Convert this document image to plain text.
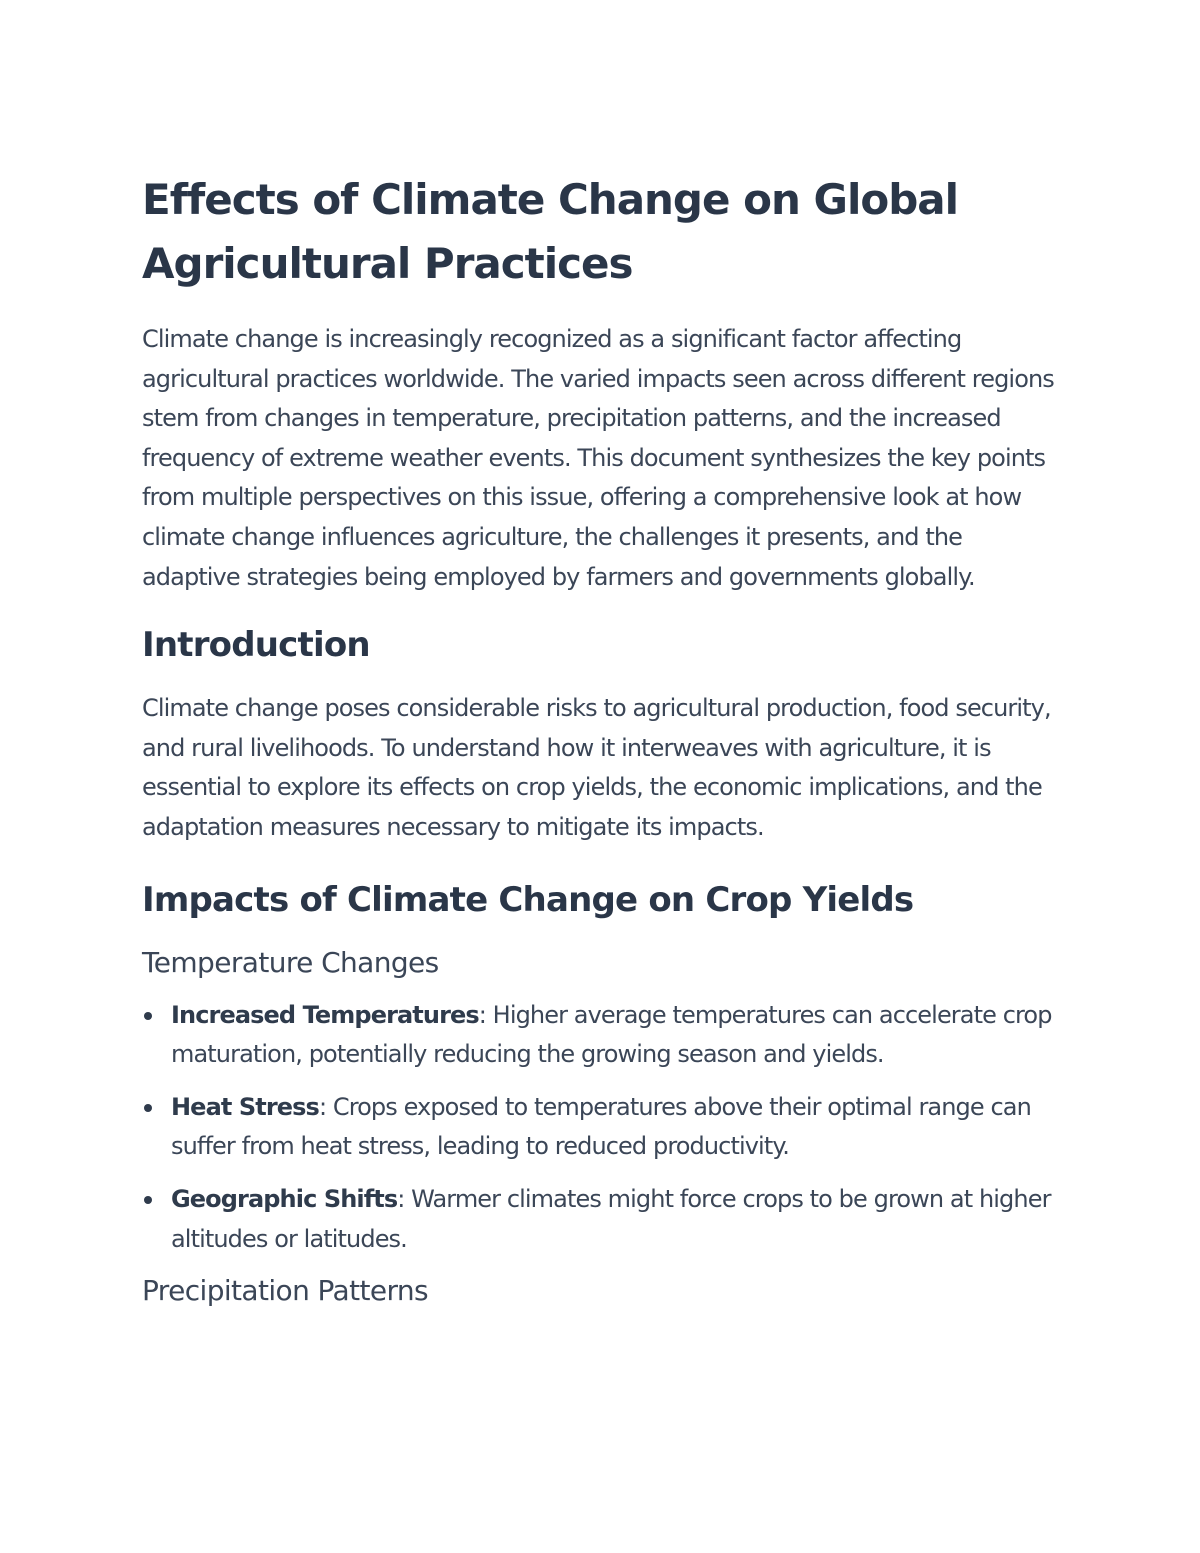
Effects of Climate Change on Global Agricultural Practices

Climate change is increasingly recognized as a significant factor affecting agricultural practices worldwide. The varied impacts seen across different regions stem from changes in temperature, precipitation patterns, and the increased frequency of extreme weather events. This document synthesizes the key points from multiple perspectives on this issue, offering a comprehensive look at how climate change influences agriculture, the challenges it presents, and the adaptive strategies being employed by farmers and governments globally.

Introduction

Climate change poses considerable risks to agricultural production, food security, and rural livelihoods. To understand how it interweaves with agriculture, it is essential to explore its effects on crop yields, the economic implications, and the adaptation measures necessary to mitigate its impacts.

Impacts of Climate Change on Crop Yields
Temperature Changes
Increased Temperatures: Higher average temperatures can accelerate crop maturation, potentially reducing the growing season and yields.
Heat Stress: Crops exposed to temperatures above their optimal range can suffer from heat stress, leading to reduced productivity.
Geographic Shifts: Warmer climates might force crops to be grown at higher altitudes or latitudes.
Precipitation Patterns
